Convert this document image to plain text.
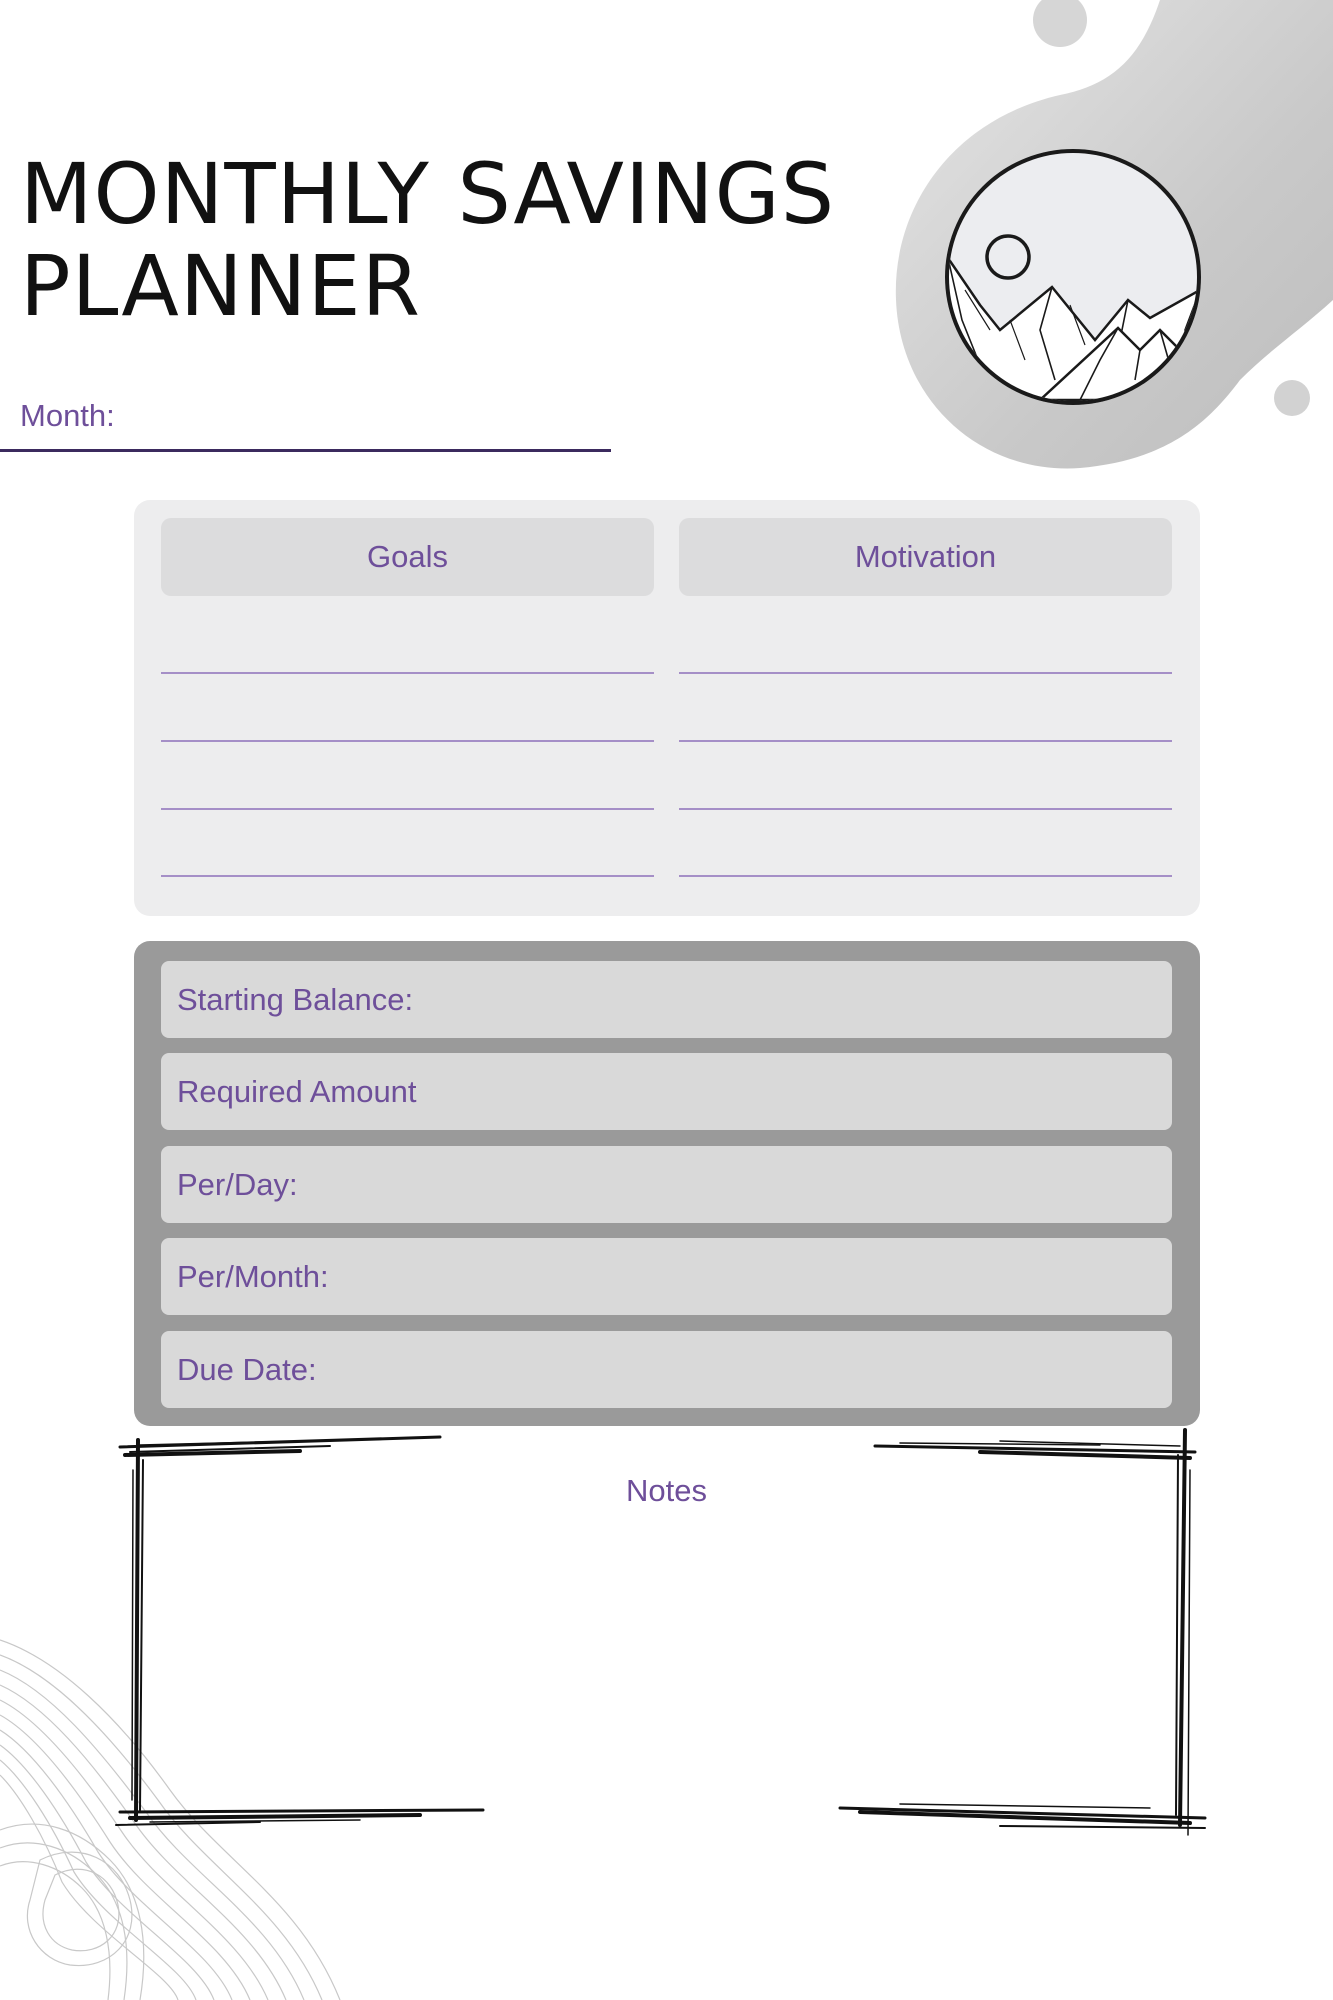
MONTHLY SAVINGS
PLANNER
Month:
Goals	Motivation
Starting Balance:
Required Amount
Per/Day:
Per/Month:
Due Date:
Notes
